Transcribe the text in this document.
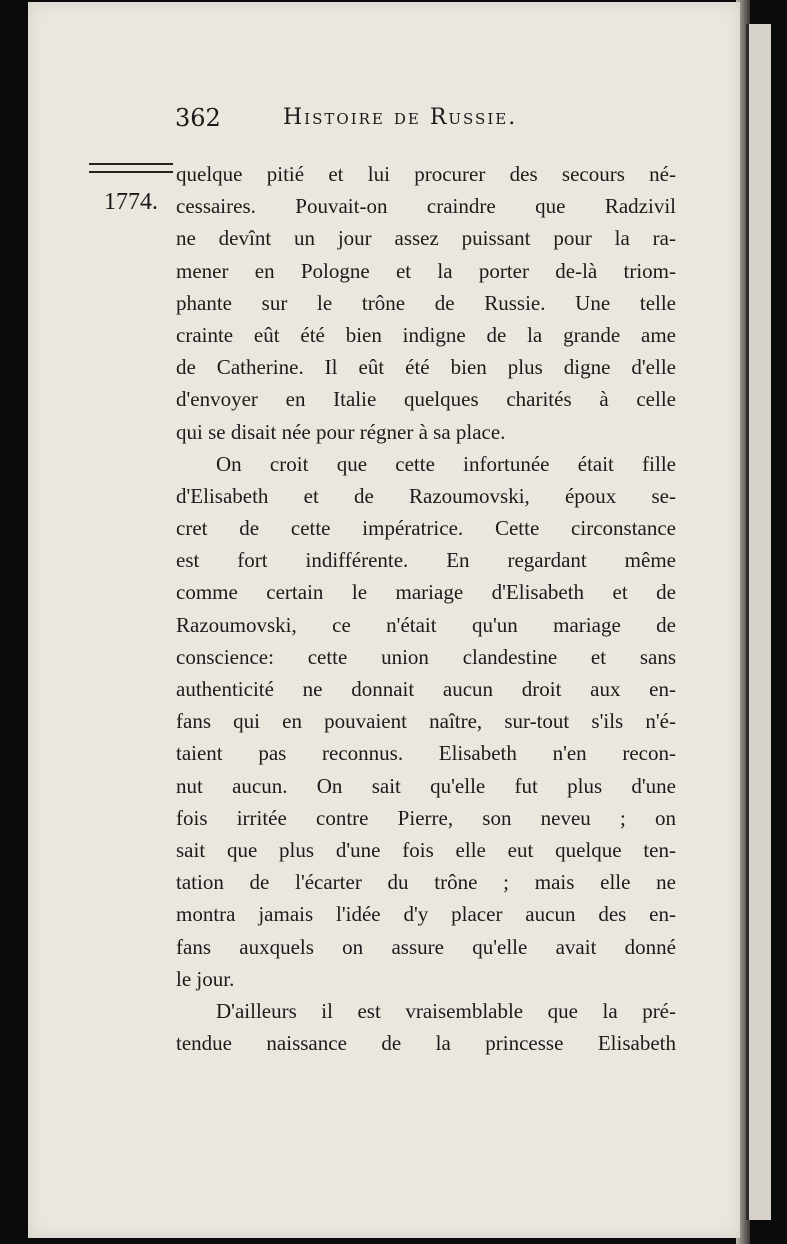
362	Histoire de Russie.
1774.
quelque pitié et lui procurer des secours né-
cessaires. Pouvait-on craindre que Radzivil
ne devînt un jour assez puissant pour la ra-
mener en Pologne et la porter de-là triom-
phante sur le trône de Russie. Une telle
crainte eût été bien indigne de la grande ame
de Catherine. Il eût été bien plus digne d'elle
d'envoyer en Italie quelques charités à celle
qui se disait née pour régner à sa place.
On croit que cette infortunée était fille
d'Elisabeth et de Razoumovski, époux se-
cret de cette impératrice. Cette circonstance
est fort indifférente. En regardant même
comme certain le mariage d'Elisabeth et de
Razoumovski, ce n'était qu'un mariage de
conscience: cette union clandestine et sans
authenticité ne donnait aucun droit aux en-
fans qui en pouvaient naître, sur-tout s'ils n'é-
taient pas reconnus. Elisabeth n'en recon-
nut aucun. On sait qu'elle fut plus d'une
fois irritée contre Pierre, son neveu ; on
sait que plus d'une fois elle eut quelque ten-
tation de l'écarter du trône ; mais elle ne
montra jamais l'idée d'y placer aucun des en-
fans auxquels on assure qu'elle avait donné
le jour.
D'ailleurs il est vraisemblable que la pré-
tendue naissance de la princesse Elisabeth
